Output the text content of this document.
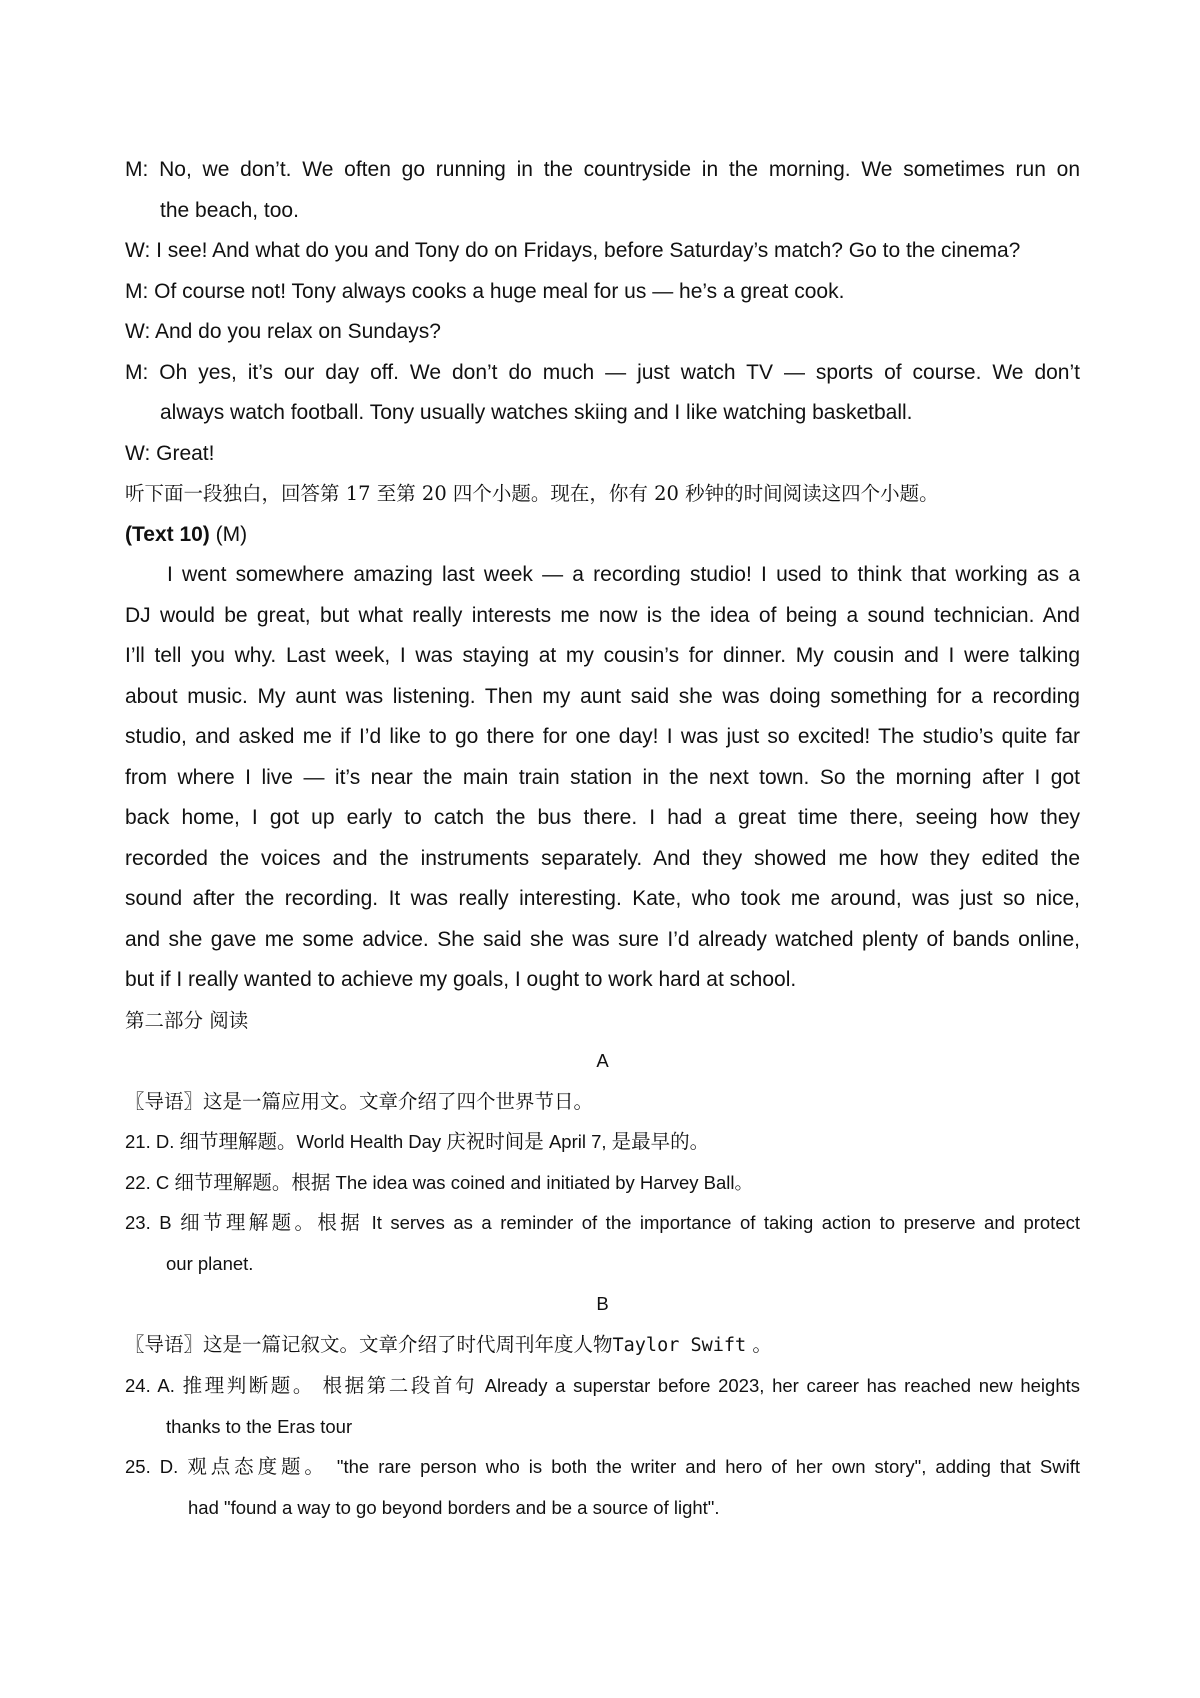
M: No, we don’t. We often go running in the countryside in the morning. We sometimes run on
the beach, too.
W: I see! And what do you and Tony do on Fridays, before Saturday’s match? Go to the cinema?
M: Of course not! Tony always cooks a huge meal for us — he’s a great cook.
W: And do you relax on Sundays?
M: Oh yes, it’s our day off. We don’t do much — just watch TV — sports of course. We don’t
always watch football. Tony usually watches skiing and I like watching basketball.
W: Great!
听下面一段独白，回答第 17 至第 20 四个小题。现在，你有 20 秒钟的时间阅读这四个小题。
(Text 10) (M)
I went somewhere amazing last week — a recording studio! I used to think that working as a
DJ would be great, but what really interests me now is the idea of being a sound technician. And
I’ll tell you why. Last week, I was staying at my cousin’s for dinner. My cousin and I were talking
about music. My aunt was listening. Then my aunt said she was doing something for a recording
studio, and asked me if I’d like to go there for one day! I was just so excited! The studio’s quite far
from where I live — it’s near the main train station in the next town. So the morning after I got
back home, I got up early to catch the bus there. I had a great time there, seeing how they
recorded the voices and the instruments separately. And they showed me how they edited the
sound after the recording. It was really interesting. Kate, who took me around, was just so nice,
and she gave me some advice. She said she was sure I’d already watched plenty of bands online,
but if I really wanted to achieve my goals, I ought to work hard at school.
第二部分 阅读
A
〖导语〗这是一篇应用文。文章介绍了四个世界节日。
21. D. 细节理解题。World Health Day 庆祝时间是 April 7, 是最早的。
22. C 细节理解题。根据 The idea was coined and initiated by Harvey Ball。
23. B 细节理解题。根据 It serves as a reminder of the importance of taking action to preserve and protect
our planet.
B
〖导语〗这是一篇记叙文。文章介绍了时代周刊年度人物Taylor Swift 。
24. A. 推理判断题。 根据第二段首句 Already a superstar before 2023, her career has reached new heights
thanks to the Eras tour
25. D. 观点态度题。 "the rare person who is both the writer and hero of her own story", adding that Swift
had "found a way to go beyond borders and be a source of light".
